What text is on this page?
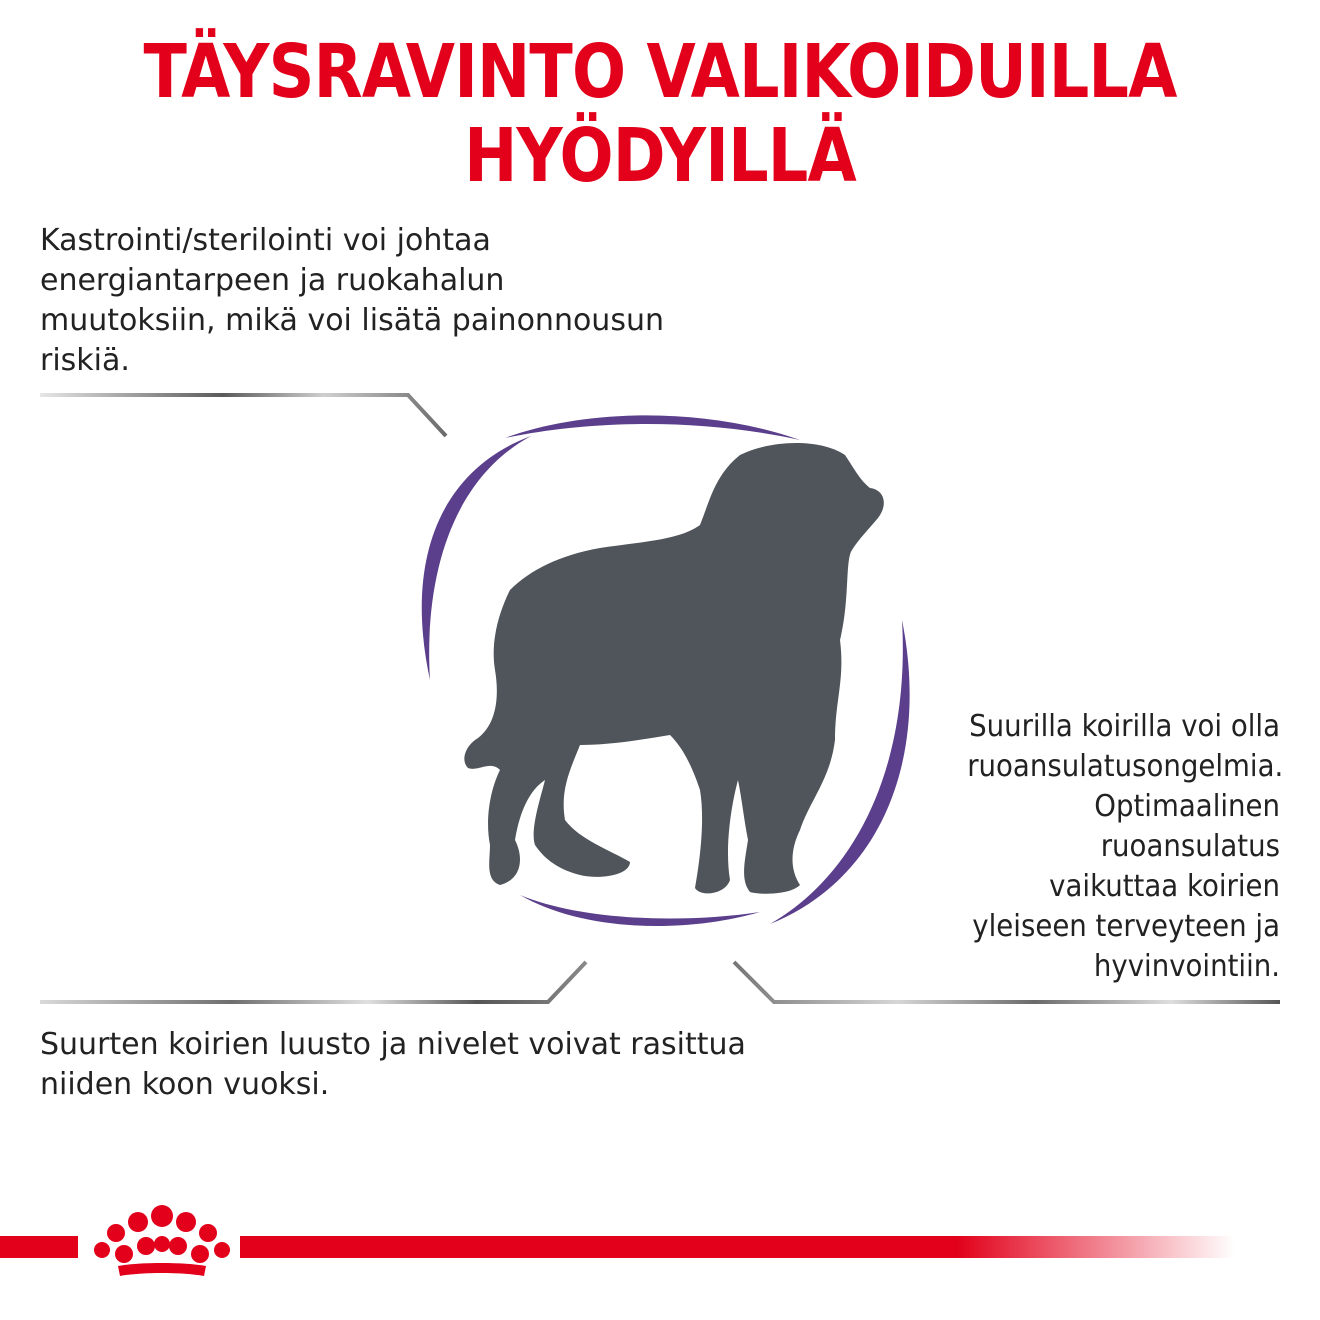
TÄYSRAVINTO VALIKOIDUILLA
HYÖDYILLÄ
Kastrointi/sterilointi voi johtaa
energiantarpeen ja ruokahalun
muutoksiin, mikä voi lisätä painonnousun
riskiä.
Suurilla koirilla voi olla
ruoansulatusongelmia.
Optimaalinen
ruoansulatus
vaikuttaa koirien
yleiseen terveyteen ja
hyvinvointiin.
Suurten koirien luusto ja nivelet voivat rasittua
niiden koon vuoksi.
